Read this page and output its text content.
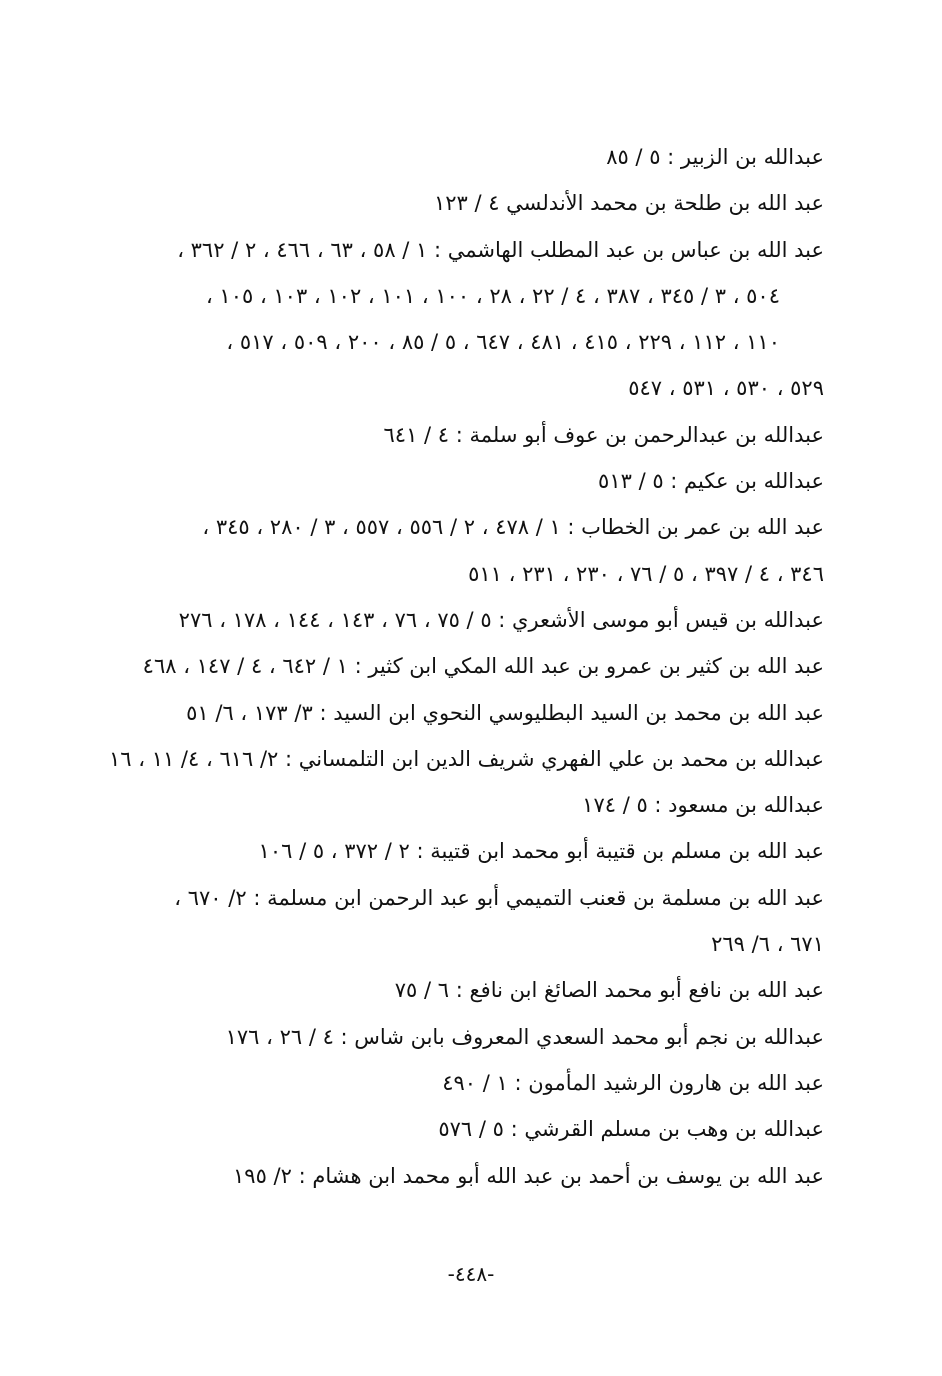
عبدالله بن الزبير : ٥ / ٨٥
عبد الله بن طلحة بن محمد الأندلسي ٤ / ١٢٣
عبد الله بن عباس بن عبد المطلب الهاشمي : ١ / ٥٨ ، ٦٣ ، ٤٦٦ ، ٢ / ٣٦٢ ،
٥٠٤ ، ٣ / ٣٤٥ ، ٣٨٧ ، ٤ / ٢٢ ، ٢٨ ، ١٠٠ ، ١٠١ ، ١٠٢ ، ١٠٣ ، ١٠٥ ،
١١٠ ، ١١٢ ، ٢٢٩ ، ٤١٥ ، ٤٨١ ، ٦٤٧ ، ٥ / ٨٥ ، ٢٠٠ ، ٥٠٩ ، ٥١٧ ،
٥٢٩ ، ٥٣٠ ، ٥٣١ ، ٥٤٧
عبدالله بن عبدالرحمن بن عوف أبو سلمة : ٤ / ٦٤١
عبدالله بن عكيم : ٥ / ٥١٣
عبد الله بن عمر بن الخطاب : ١ / ٤٧٨ ، ٢ / ٥٥٦ ، ٥٥٧ ، ٣ / ٢٨٠ ، ٣٤٥ ،
٣٤٦ ، ٤ / ٣٩٧ ، ٥ / ٧٦ ، ٢٣٠ ، ٢٣١ ، ٥١١
عبدالله بن قيس أبو موسى الأشعري : ٥ / ٧٥ ، ٧٦ ، ١٤٣ ، ١٤٤ ، ١٧٨ ، ٢٧٦
عبد الله بن كثير بن عمرو بن عبد الله المكي ابن كثير : ١ / ٦٤٢ ، ٤ / ١٤٧ ، ٤٦٨
عبد الله بن محمد بن السيد البطليوسي النحوي ابن السيد : ٣/ ١٧٣ ، ٦/ ٥١
عبدالله بن محمد بن علي الفهري شريف الدين ابن التلمساني : ٢/ ٦١٦ ، ٤/ ١١ ، ١٦
عبدالله بن مسعود : ٥ / ١٧٤
عبد الله بن مسلم بن قتيبة أبو محمد ابن قتيبة : ٢ / ٣٧٢ ، ٥ / ١٠٦
عبد الله بن مسلمة بن قعنب التميمي أبو عبد الرحمن ابن مسلمة : ٢/ ٦٧٠ ،
٦٧١ ، ٦/ ٢٦٩
عبد الله بن نافع أبو محمد الصائغ ابن نافع : ٦ / ٧٥
عبدالله بن نجم أبو محمد السعدي المعروف بابن شاس : ٤ / ٢٦ ، ١٧٦
عبد الله بن هارون الرشيد المأمون : ١ / ٤٩٠
عبدالله بن وهب بن مسلم القرشي : ٥ / ٥٧٦
عبد الله بن يوسف بن أحمد بن عبد الله أبو محمد ابن هشام : ٢/ ١٩٥
-٤٤٨-
